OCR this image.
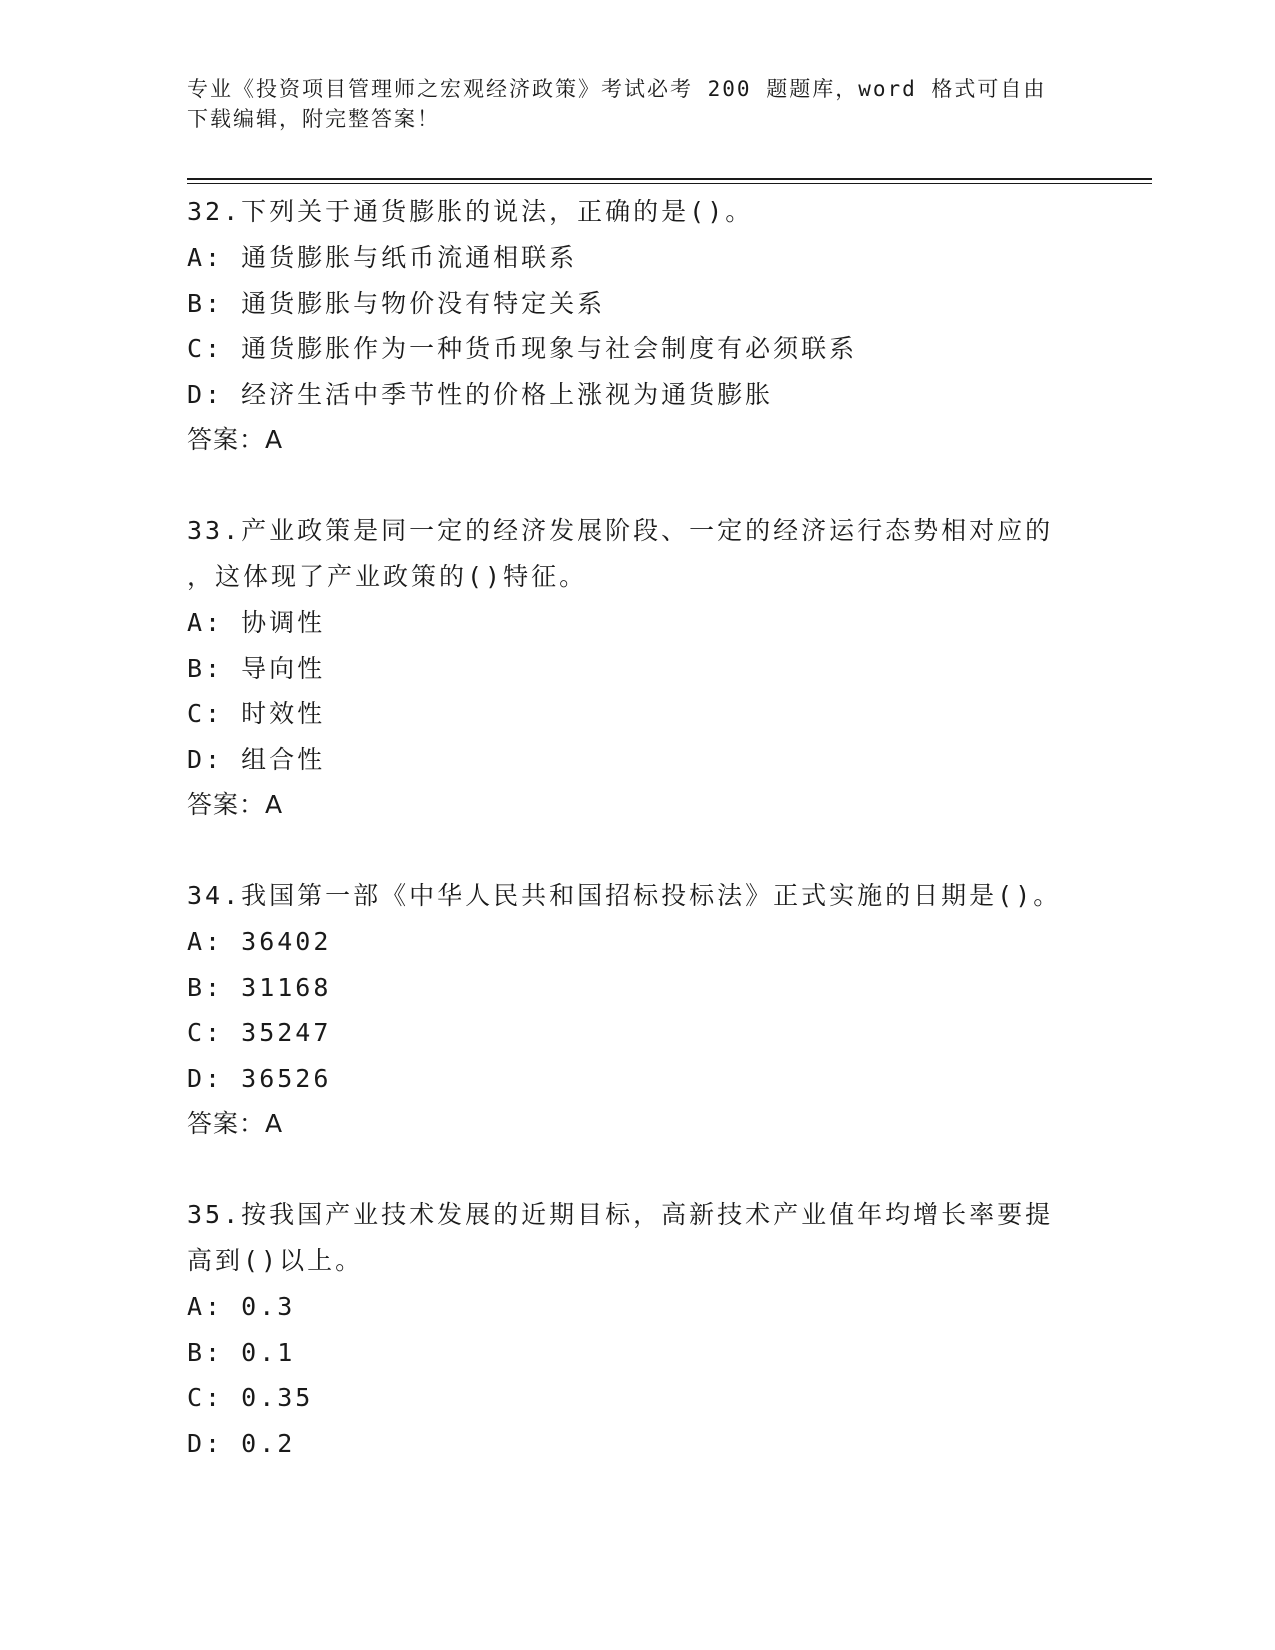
专业《投资项目管理师之宏观经济政策》考试必考 200 题题库，word 格式可自由
下载编辑，附完整答案！
32.下列关于通货膨胀的说法，正确的是()。
A: 通货膨胀与纸币流通相联系
B: 通货膨胀与物价没有特定关系
C: 通货膨胀作为一种货币现象与社会制度有必须联系
D: 经济生活中季节性的价格上涨视为通货膨胀
答案：A
33.产业政策是同一定的经济发展阶段、一定的经济运行态势相对应的
，这体现了产业政策的()特征。
A: 协调性
B: 导向性
C: 时效性
D: 组合性
答案：A
34.我国第一部《中华人民共和国招标投标法》正式实施的日期是()。
A: 36402
B: 31168
C: 35247
D: 36526
答案：A
35.按我国产业技术发展的近期目标，高新技术产业值年均增长率要提
高到()以上。
A: 0.3
B: 0.1
C: 0.35
D: 0.2
